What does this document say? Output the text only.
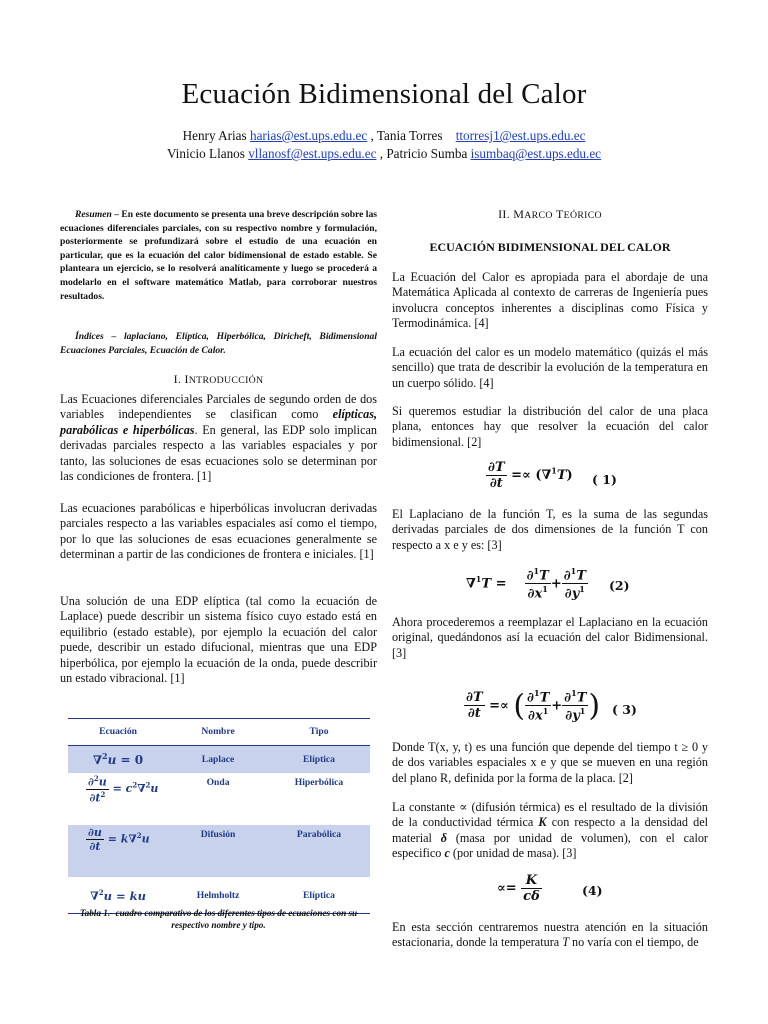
Ecuación Bidimensional del Calor
Henry Arias harias@est.ups.edu.ec , Tania Torres ttorresj1@est.ups.edu.ec
Vinicio Llanos vllanosf@est.ups.edu.ec , Patricio Sumba isumbaq@est.ups.edu.ec
Resumen – En este documento se presenta una breve descripción sobre las ecuaciones diferenciales parciales, con su respectivo nombre y formulación, posteriormente se profundizará sobre el estudio de una ecuación en particular, que es la ecuación del calor bidimensional de estado estable. Se planteara un ejercicio, se lo resolverá analíticamente y luego se procederá a modelarlo en el software matemático Matlab, para corroborar nuestros resultados.
Índices – laplaciano, Elíptica, Hiperbólica, Diricheft, Bidimensional Ecuaciones Parciales, Ecuación de Calor.
I. INTRODUCCIÓN
Las Ecuaciones diferenciales Parciales de segundo orden de dos variables independientes se clasifican como elípticas, parabólicas e hiperbólicas. En general, las EDP solo implican derivadas parciales respecto a las variables espaciales y por tanto, las soluciones de esas ecuaciones solo se determinan por las condiciones de frontera. [1]
Las ecuaciones parabólicas e hiperbólicas involucran derivadas parciales respecto a las variables espaciales así como el tiempo, por lo que las soluciones de esas ecuaciones generalmente se determinan a partir de las condiciones de frontera e iniciales. [1]
Una solución de una EDP elíptica (tal como la ecuación de Laplace) puede describir un sistema físico cuyo estado está en equilibrio (estado estable), por ejemplo la ecuación del calor puede, describir un estado difucional, mientras que una EDP hiperbólica, por ejemplo la ecuación de la onda, puede describir un estado vibracional. [1]
Ecuación	Nombre	Tipo
∇$^2$u = 0	Laplace	Elíptica

$\frac{\partial^2u}{\partial t^2} = c^2\nabla^2u$	Onda	Hiperbólica

$\frac{\partial u}{\partial t} = k\nabla^2u$	Difusión	Parabólica
∇$^2$u = ku	Helmholtz	Elíptica
Tabla 1.- cuadro comparativo de los diferentes tipos de ecuaciones con su respectivo nombre y tipo.
II. MARCO TEÓRICO
ECUACIÓN BIDIMENSIONAL DEL CALOR
La Ecuación del Calor es apropiada para el abordaje de una Matemática Aplicada al contexto de carreras de Ingeniería pues involucra conceptos inherentes a disciplinas como Física y Termodinámica. [4]
La ecuación del calor es un modelo matemático (quizás el más sencillo) que trata de describir la evolución de la temperatura en un cuerpo sólido. [4]
Si queremos estudiar la distribución del calor de una placa plana, entonces hay que resolver la ecuación del calor bidimensional. [2]
$\frac{\partial T}{\partial t} =\propto (\nabla^1T)$ ( 1)
El Laplaciano de la función T, es la suma de las segundas derivadas parciales de dos dimensiones de la función T con respecto a x e y es: [3]
$\nabla^1T = \frac{\partial^1T}{\partial x^1} + \frac{\partial^1T}{\partial y^1} (2)$
Ahora procederemos a reemplazar el Laplaciano en la ecuación original, quedándonos así la ecuación del calor Bidimensional. [3]
$\frac{\partial T}{\partial t}$ =∝ ( $\frac{\partial^1T}{\partial x^1} + \frac{\partial^1T}{\partial y^1}$ ) ( 3)
Donde T(x, y, t) es una función que depende del tiempo t ≥ 0 y de dos variables espaciales x e y que se mueven en una región del plano R, definida por la forma de la placa. [2]
La constante ∝ (difusión térmica) es el resultado de la división de la conductividad térmica K con respecto a la densidad del material δ (masa por unidad de volumen), con el calor especifico c (por unidad de masa). [3]
∝= $\frac{K}{c\delta}$	(4)
En esta sección centraremos nuestra atención en la situación estacionaria, donde la temperatura T no varía con el tiempo, de
